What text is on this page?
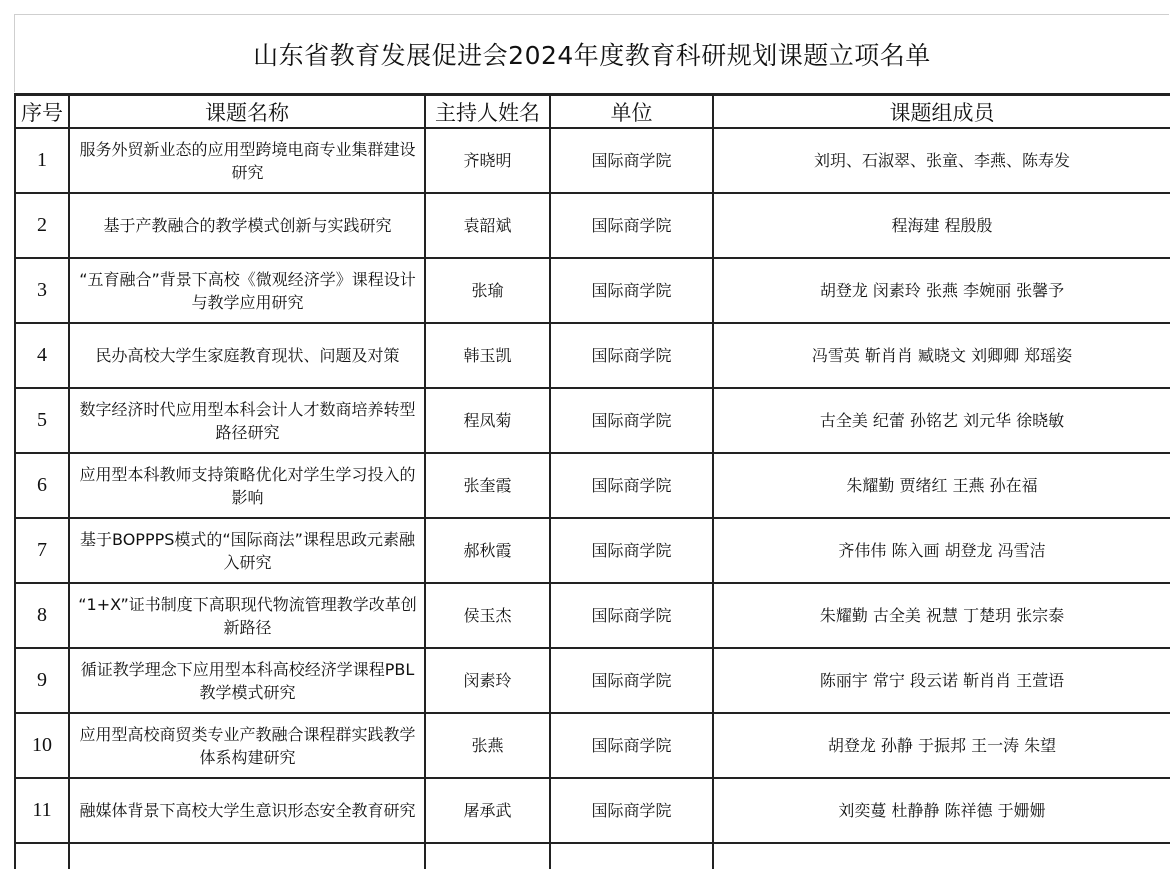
山东省教育发展促进会2024年度教育科研规划课题立项名单
序号	课题名称	主持人姓名	单位	课题组成员
1	服务外贸新业态的应用型跨境电商专业集群建设研究	齐晓明	国际商学院	刘玥、石淑翠、张童、李燕、陈寿发
2	基于产教融合的教学模式创新与实践研究	袁韶斌	国际商学院	程海建 程殷殷
3	“五育融合”背景下高校《微观经济学》课程设计与教学应用研究	张瑜	国际商学院	胡登龙 闵素玲 张燕 李婉丽 张馨予
4	民办高校大学生家庭教育现状、问题及对策	韩玉凯	国际商学院	冯雪英 靳肖肖 臧晓文 刘卿卿 郑瑶姿
5	数字经济时代应用型本科会计人才数商培养转型路径研究	程凤菊	国际商学院	古全美 纪蕾 孙铭艺 刘元华 徐晓敏
6	应用型本科教师支持策略优化对学生学习投入的影响	张奎霞	国际商学院	朱耀勤 贾绪红 王燕 孙在福
7	基于BOPPPS模式的“国际商法”课程思政元素融入研究	郝秋霞	国际商学院	齐伟伟 陈入画 胡登龙 冯雪洁
8	“1+X”证书制度下高职现代物流管理教学改革创新路径	侯玉杰	国际商学院	朱耀勤 古全美 祝慧 丁楚玥 张宗泰
9	循证教学理念下应用型本科高校经济学课程PBL教学模式研究	闵素玲	国际商学院	陈丽宇 常宁 段云诺 靳肖肖 王萱语
10	应用型高校商贸类专业产教融合课程群实践教学体系构建研究	张燕	国际商学院	胡登龙 孙静 于振邦 王一涛 朱望
11	融媒体背景下高校大学生意识形态安全教育研究	屠承武	国际商学院	刘奕蔓 杜静静 陈祥德 于姗姗
